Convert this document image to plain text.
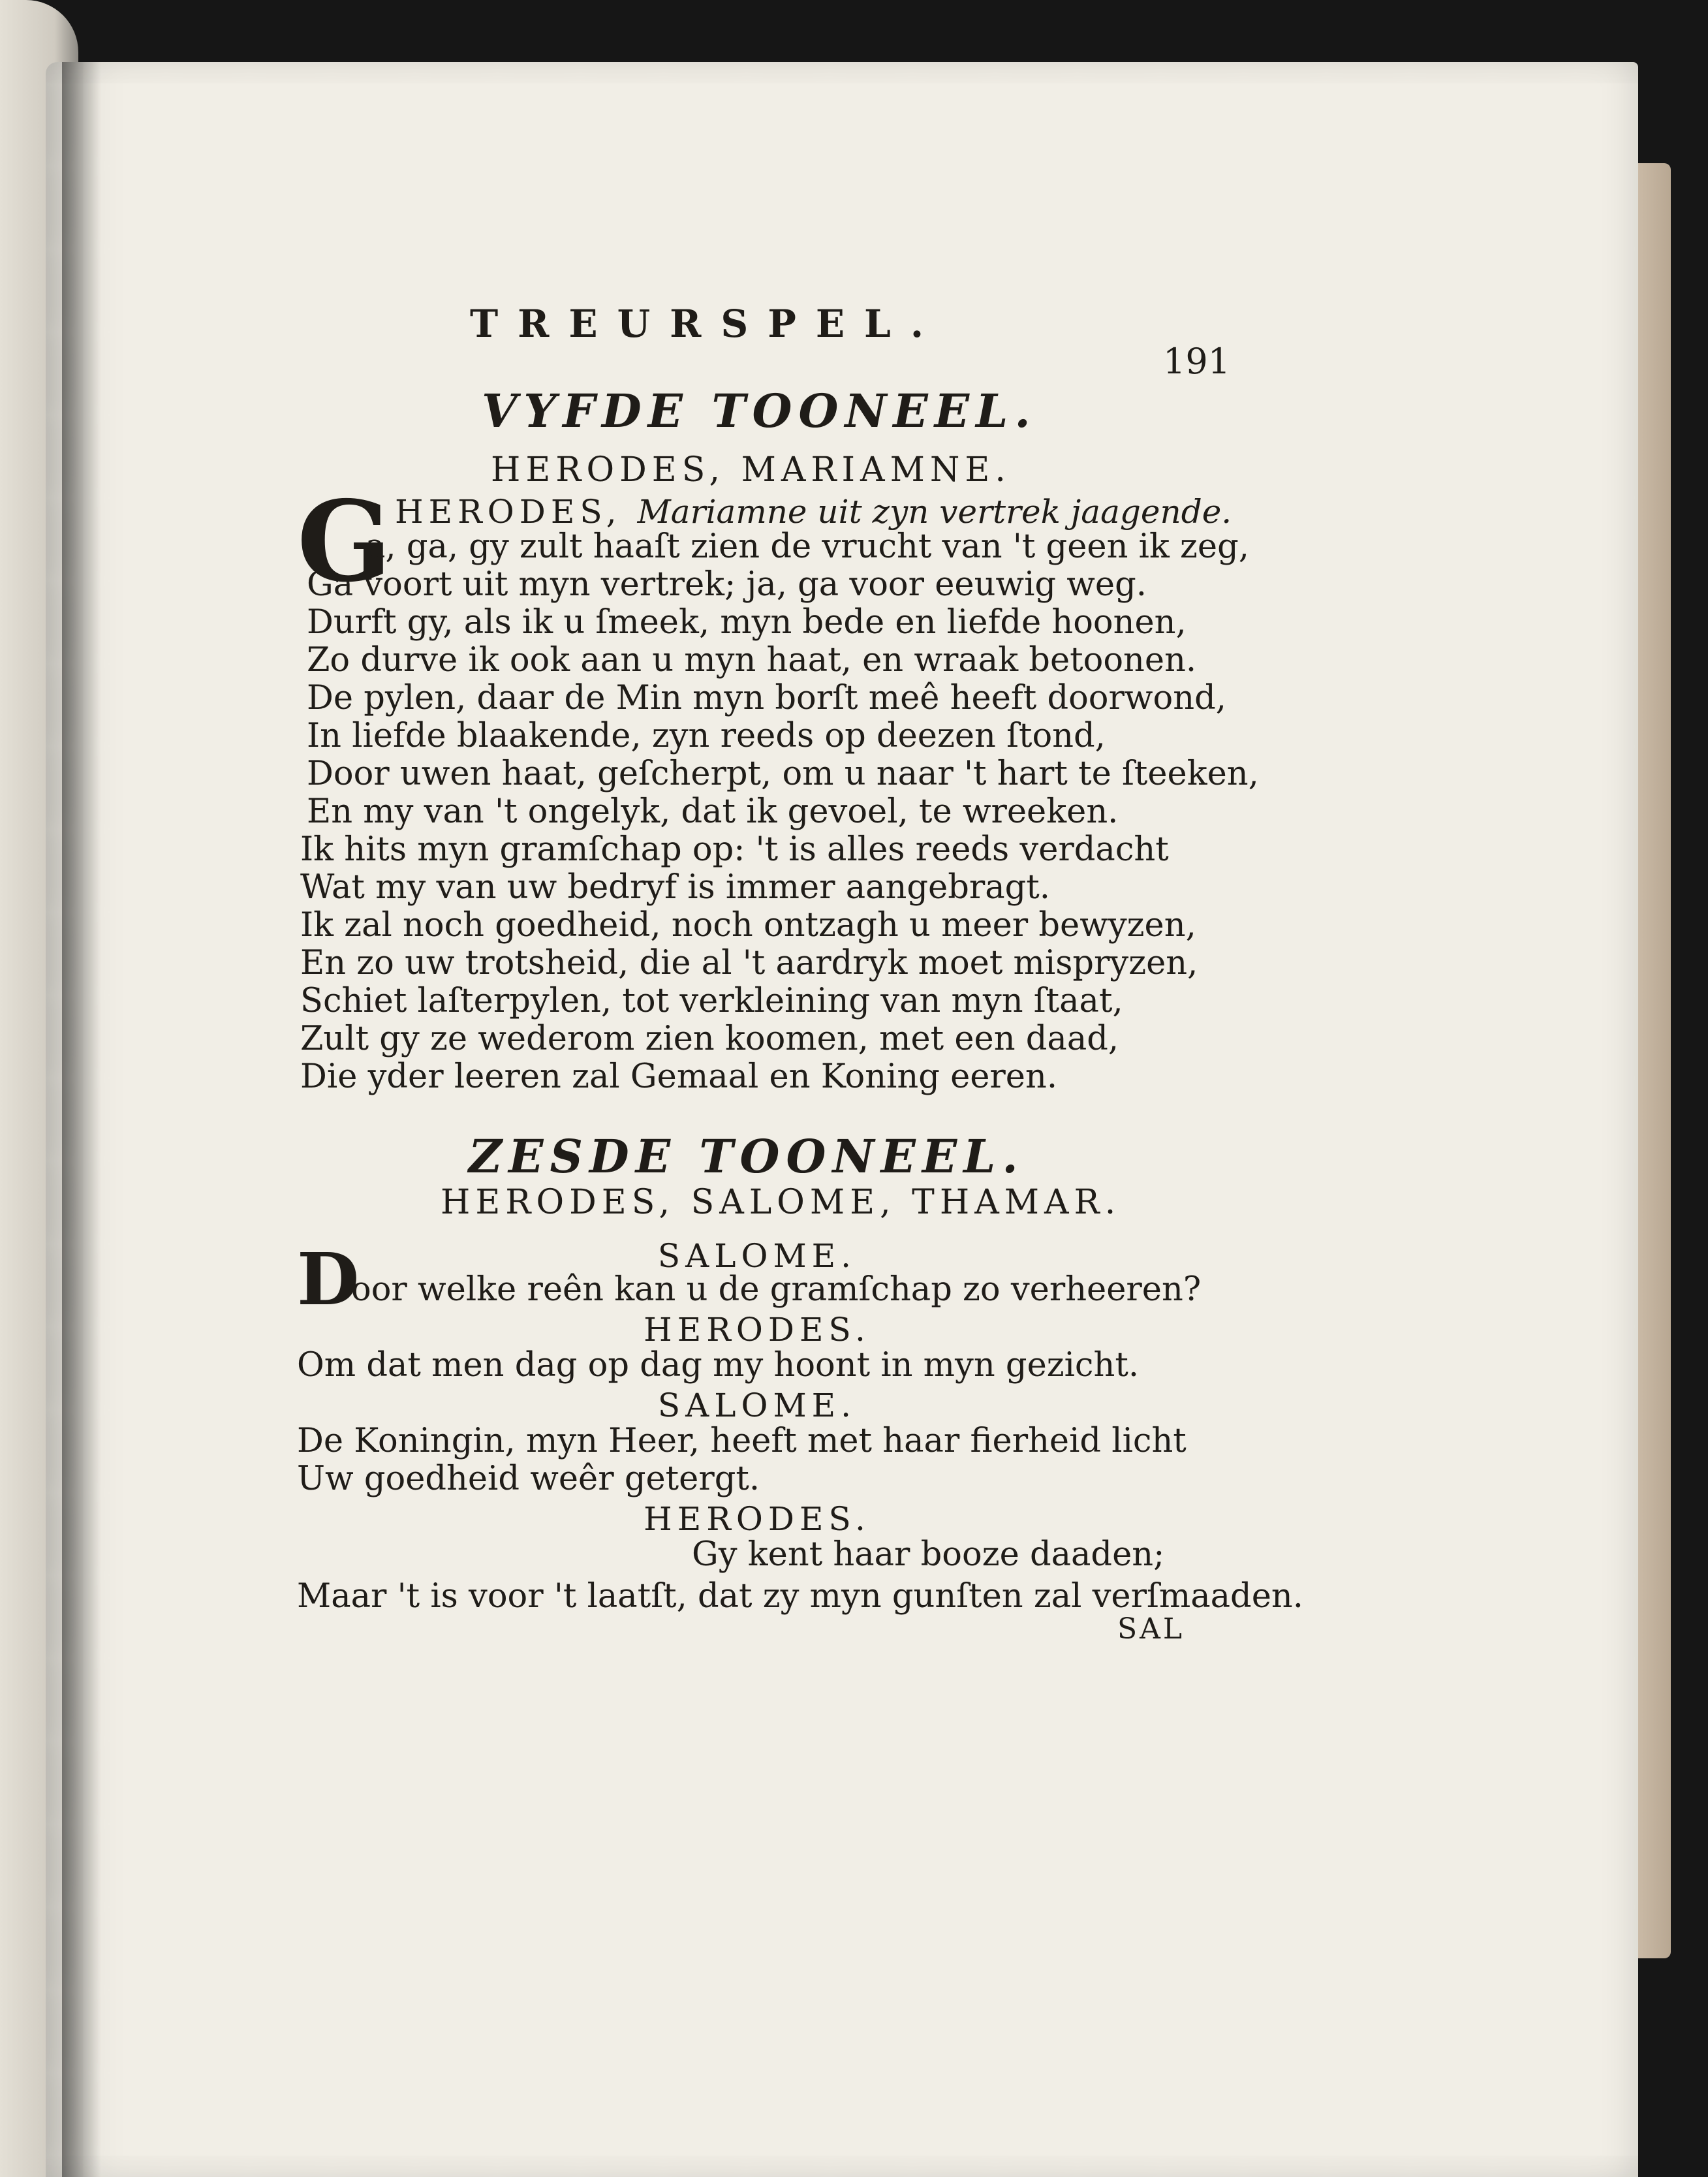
TREURSPEL.
191
VYFDE TOONEEL.
HERODES, MARIAMNE.
G HERODES, Mariamne uit zyn vertrek jaagende.
a, ga, gy zult haaſt zien de vrucht van 't geen ik zeg,
Ga voort uit myn vertrek; ja, ga voor eeuwig weg.
Durft gy, als ik u ſmeek, myn bede en liefde hoonen,
Zo durve ik ook aan u myn haat, en wraak betoonen.
De pylen, daar de Min myn borſt meê heeft doorwond,
In liefde blaakende, zyn reeds op deezen ſtond,
Door uwen haat, geſcherpt, om u naar 't hart te ſteeken,
En my van 't ongelyk, dat ik gevoel, te wreeken.
Ik hits myn gramſchap op: 't is alles reeds verdacht
Wat my van uw bedryf is immer aangebragt.
Ik zal noch goedheid, noch ontzagh u meer bewyzen,
En zo uw trotsheid, die al 't aardryk moet mispryzen,
Schiet laſterpylen, tot verkleining van myn ſtaat,
Zult gy ze wederom zien koomen, met een daad,
Die yder leeren zal Gemaal en Koning eeren.
ZESDE TOONEEL.
HERODES, SALOME, THAMAR.
SALOME.
D
oor welke reên kan u de gramſchap zo verheeren?
HERODES.
Om dat men dag op dag my hoont in myn gezicht.
SALOME.
De Koningin, myn Heer, heeft met haar fierheid licht
Uw goedheid weêr getergt.
HERODES.
Gy kent haar booze daaden;
Maar 't is voor 't laatſt, dat zy myn gunſten zal verſmaaden.
SAL
